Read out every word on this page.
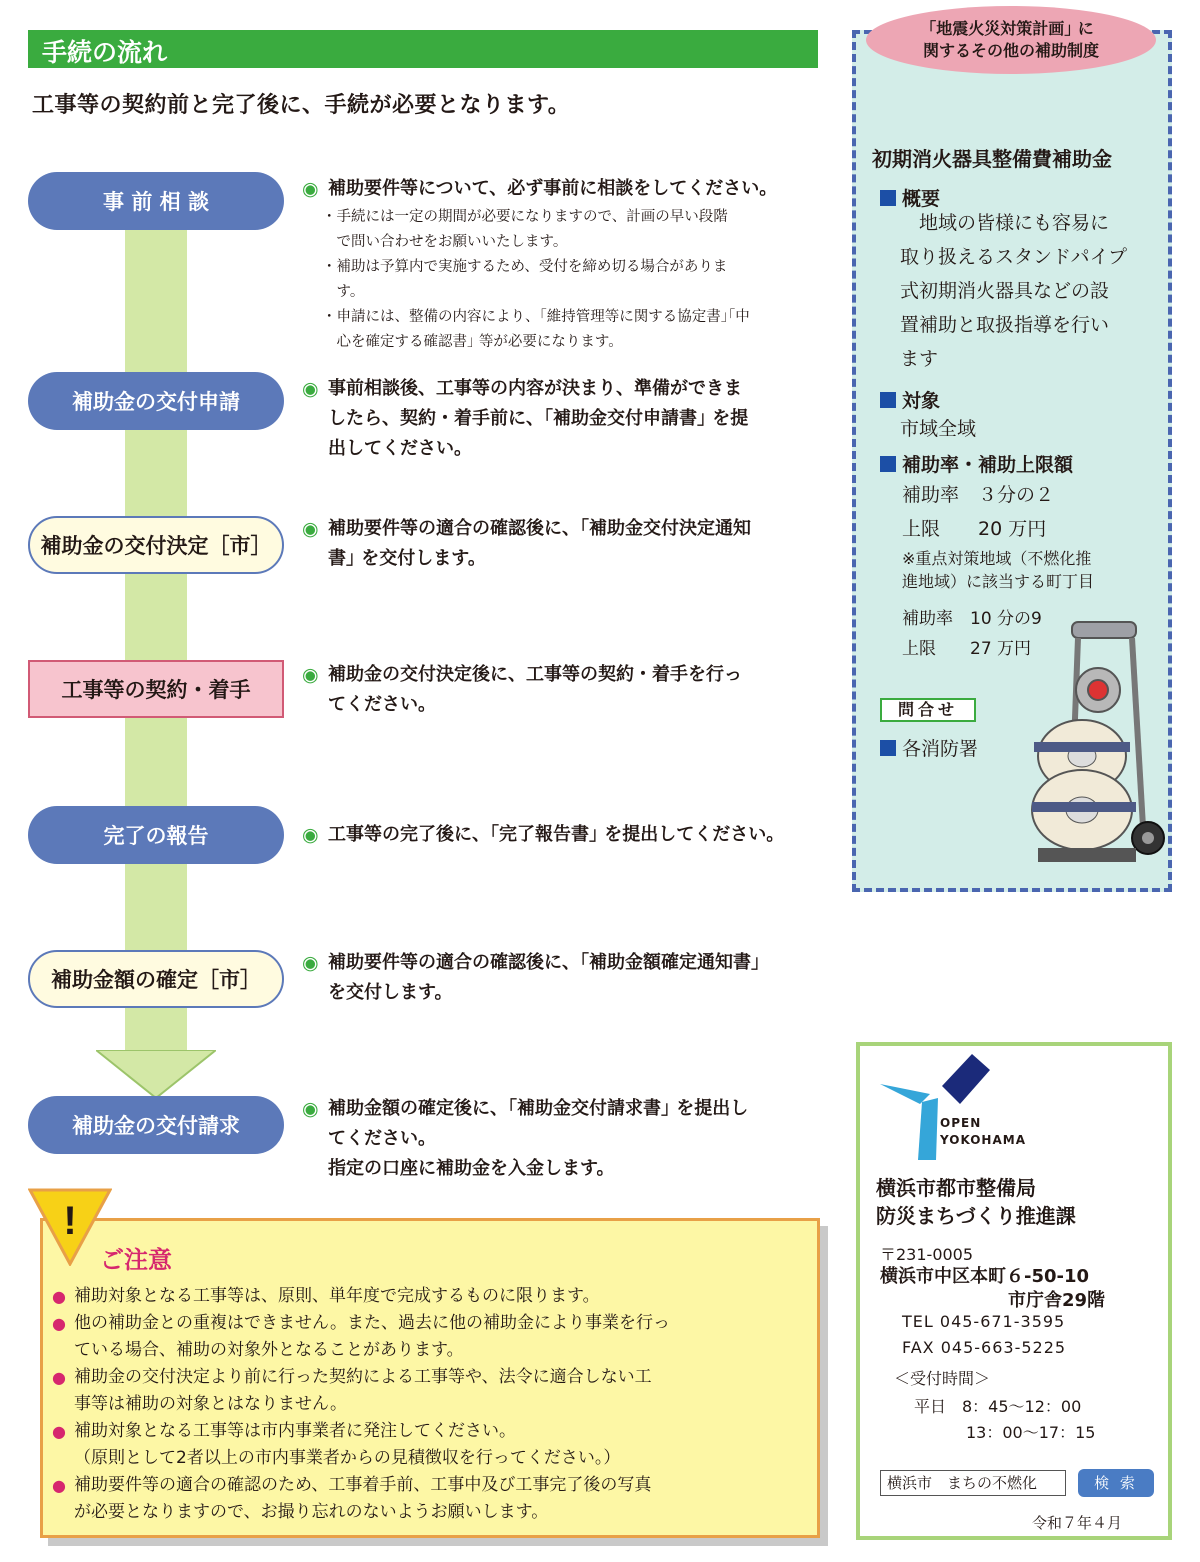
手続の流れ
工事等の契約前と完了後に、手続が必要となります。
事 前 相 談
補助金の交付申請
補助金の交付決定［市］
工事等の契約・着手
完了の報告
補助金額の確定［市］
補助金の交付請求
◉ 補助要件等について、必ず事前に相談をしてください。
・ 手続には一定の期間が必要になりますので、計画の早い段階
で問い合わせをお願いいたします。
・ 補助は予算内で実施するため、受付を締め切る場合がありま
す。
・ 申請には、整備の内容により、｢維持管理等に関する協定書｣｢中
心を確定する確認書｣ 等が必要になります。
◉ 事前相談後、工事等の内容が決まり、準備ができま
したら、契約・着手前に、｢補助金交付申請書｣ を提
出してください。
◉ 補助要件等の適合の確認後に、｢補助金交付決定通知
書｣ を交付します。
◉ 補助金の交付決定後に、工事等の契約・着手を行っ
てください。
◉ 工事等の完了後に、｢完了報告書｣ を提出してください。
◉ 補助要件等の適合の確認後に、｢補助金額確定通知書｣
を交付します。
◉ 補助金額の確定後に、｢補助金交付請求書｣ を提出し
てください。
指定の口座に補助金を入金します。
!
ご注意
● 補助対象となる工事等は、原則、単年度で完成するものに限ります。
● 他の補助金との重複はできません。また、過去に他の補助金により事業を行っ
ている場合、補助の対象外となることがあります。
● 補助金の交付決定より前に行った契約による工事等や、法令に適合しない工
事等は補助の対象とはなりません。
● 補助対象となる工事等は市内事業者に発注してください。
（原則として2者以上の市内事業者からの見積徴収を行ってください。）
● 補助要件等の適合の確認のため、工事着手前、工事中及び工事完了後の写真
が必要となりますので、お撮り忘れのないようお願いします。
｢地震火災対策計画｣ に
関するその他の補助制度
初期消火器具整備費補助金
概要
　地域の皆様にも容易に
取り扱えるスタンドパイプ
式初期消火器具などの設
置補助と取扱指導を行い
ます
対象
市域全域
補助率・補助上限額
補助率　３分の２
上限　　20 万円
※重点対策地域（不燃化推
進地域）に該当する町丁目
補助率　10 分の9
上限　　27 万円
問合せ
各消防署
OPEN
YOKOHAMA
横浜市都市整備局
防災まちづくり推進課
〒231-0005
横浜市中区本町６-50-10
市庁舎29階
TEL 045-671-3595
FAX 045-663-5225
＜受付時間＞
平日　8：45～12：00
13：00～17：15
横浜市　まちの不燃化	検 索
令和７年４月
